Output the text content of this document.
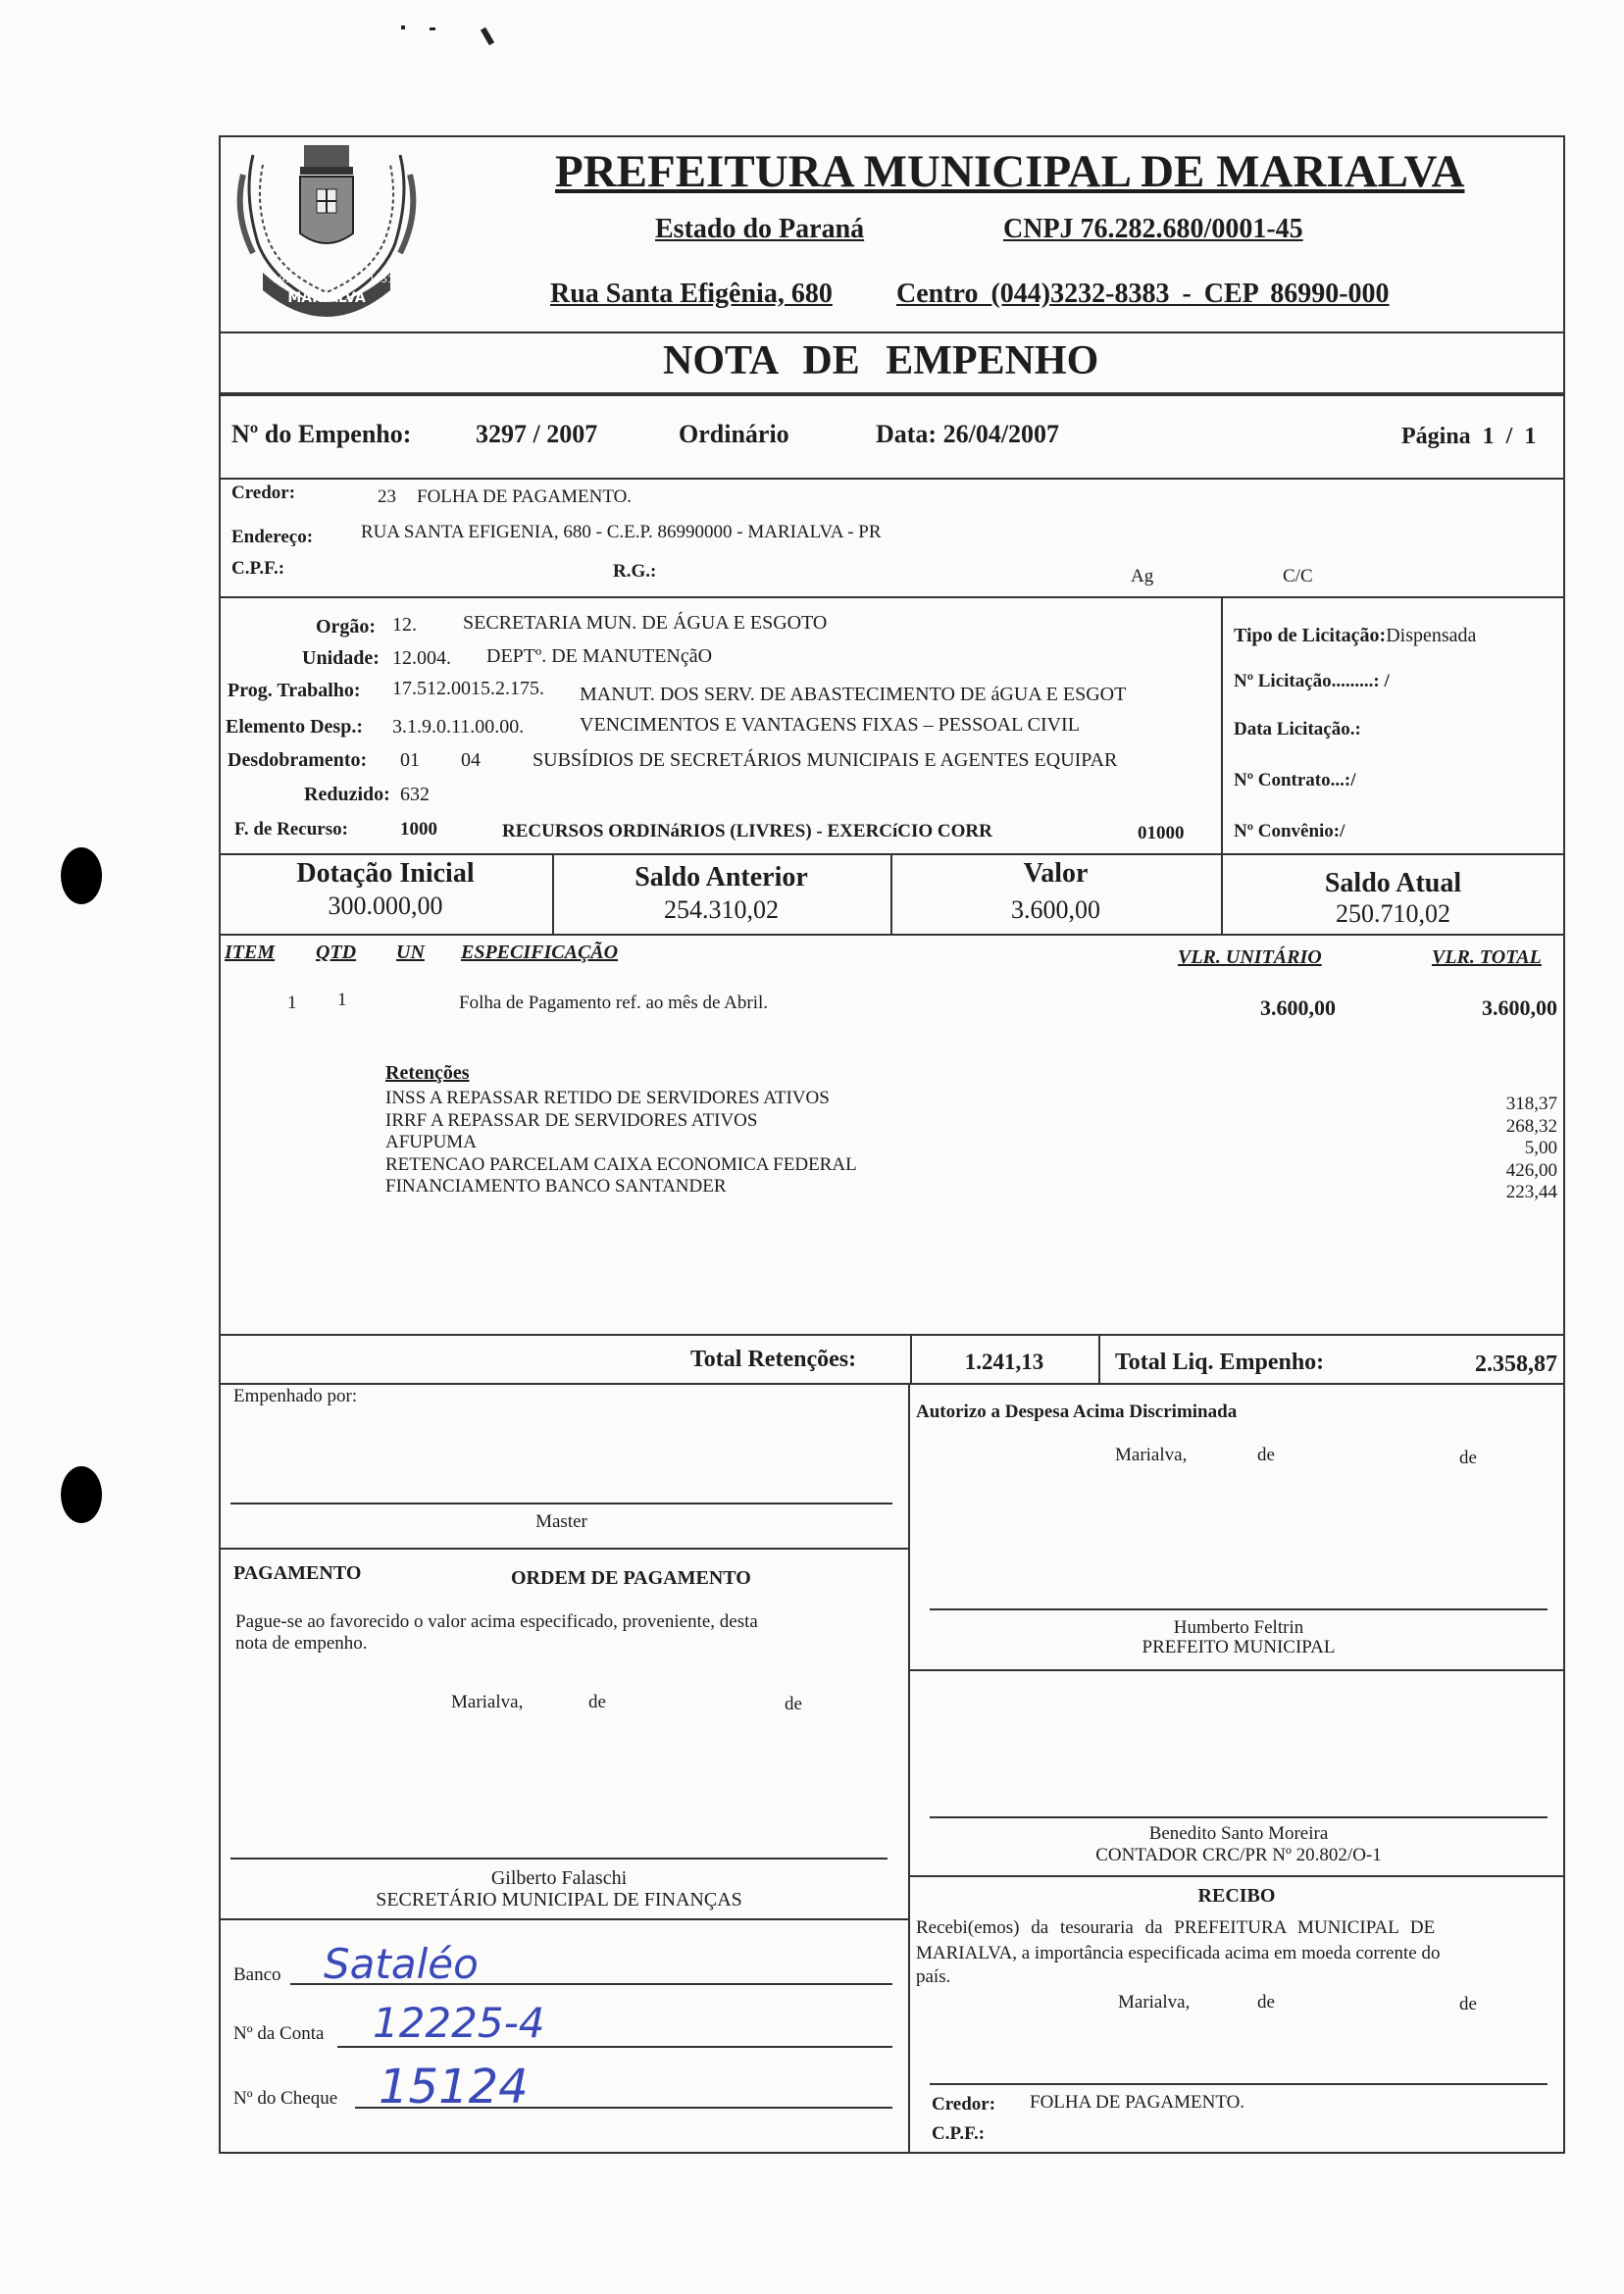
MARIALVA
1951	1951
PREFEITURA MUNICIPAL DE MARIALVA
Estado do Paraná	CNPJ 76.282.680/0001-45
Rua Santa Efigênia, 680 Centro (044)3232-8383 - CEP 86990-000
NOTA DE EMPENHO
Nº do Empenho:	3297 / 2007	Ordinário	Data: 26/04/2007	Página 1 / 1
Credor:	23 FOLHA DE PAGAMENTO.
Endereço:	RUA SANTA EFIGENIA, 680 - C.E.P. 86990000 - MARIALVA - PR
C.P.F.:	R.G.:	Ag	C/C
Orgão: 12. SECRETARIA MUN. DE ÁGUA E ESGOTO
Unidade: 12.004. DEPTº. DE MANUTENçãO
Prog. Trabalho: 17.512.0015.2.175. MANUT. DOS SERV. DE ABASTECIMENTO DE áGUA E ESGOT
Elemento Desp.: 3.1.9.0.11.00.00.	VENCIMENTOS E VANTAGENS FIXAS – PESSOAL CIVIL
Desdobramento: 01 04	SUBSÍDIOS DE SECRETÁRIOS MUNICIPAIS E AGENTES EQUIPAR
Reduzido: 632
F. de Recurso:	1000	RECURSOS ORDINáRIOS (LIVRES) - EXERCíCIO CORR	01000
Tipo de Licitação:Dispensada
Nº Licitação.........: /
Data Licitação.:
Nº Contrato...:/
Nº Convênio:/
Dotação Inicial
300.000,00
Saldo Anterior
254.310,02
Valor
3.600,00
Saldo Atual
250.710,02
ITEM QTD UN ESPECIFICAÇÃO	VLR. UNITÁRIO	VLR. TOTAL
1 1	Folha de Pagamento ref. ao mês de Abril.	3.600,00	3.600,00
Retenções
INSS A REPASSAR RETIDO DE SERVIDORES ATIVOS	318,37
IRRF A REPASSAR DE SERVIDORES ATIVOS	268,32
AFUPUMA	5,00
RETENCAO PARCELAM CAIXA ECONOMICA FEDERAL	426,00
FINANCIAMENTO BANCO SANTANDER	223,44
Total Retenções:	1.241,13	Total Liq. Empenho:	2.358,87
Empenhado por:
Master
PAGAMENTO	ORDEM DE PAGAMENTO
Pague-se ao favorecido o valor acima especificado, proveniente, desta
nota de empenho.
Marialva,	de	de
Gilberto Falaschi
SECRETÁRIO MUNICIPAL DE FINANÇAS
Banco Sataléo
Nº da Conta 12225-4
Nº do Cheque 15124
Autorizo a Despesa Acima Discriminada
Marialva,	de	de
Humberto Feltrin
PREFEITO MUNICIPAL
Benedito Santo Moreira
CONTADOR CRC/PR Nº 20.802/O-1
RECIBO
Recebi(emos) da tesouraria da PREFEITURA MUNICIPAL DE
MARIALVA, a importância especificada acima em moeda corrente do
país.
Marialva,	de	de
Credor: FOLHA DE PAGAMENTO.
C.P.F.:
